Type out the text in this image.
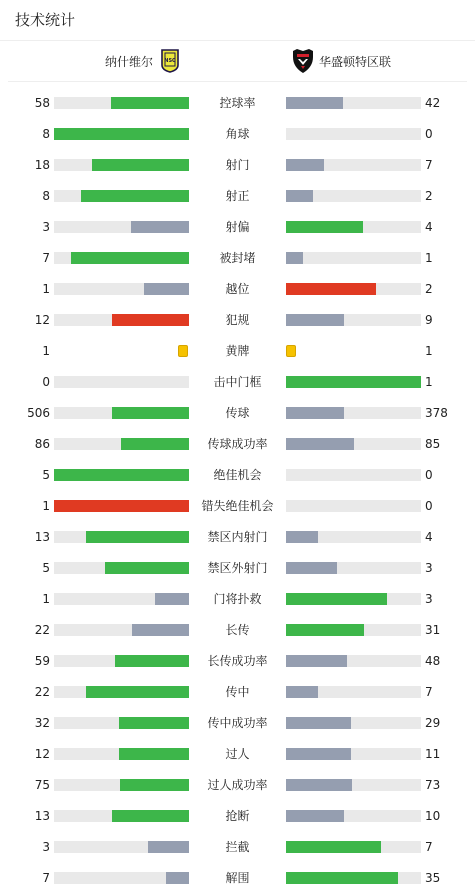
技术统计
纳什维尔 NSC	华盛顿特区联
58	控球率	42
8	角球	0
18	射门	7
8	射正	2
3	射偏	4
7	被封堵	1
1	越位	2
12	犯规	9
1	黄牌	1
0	击中门框	1
506	传球	378
86	传球成功率	85
5	绝佳机会	0
1	错失绝佳机会	0
13	禁区内射门	4
5	禁区外射门	3
1	门将扑救	3
22	长传	31
59	长传成功率	48
22	传中	7
32	传中成功率	29
12	过人	11
75	过人成功率	73
13	抢断	10
3	拦截	7
7	解围	35
